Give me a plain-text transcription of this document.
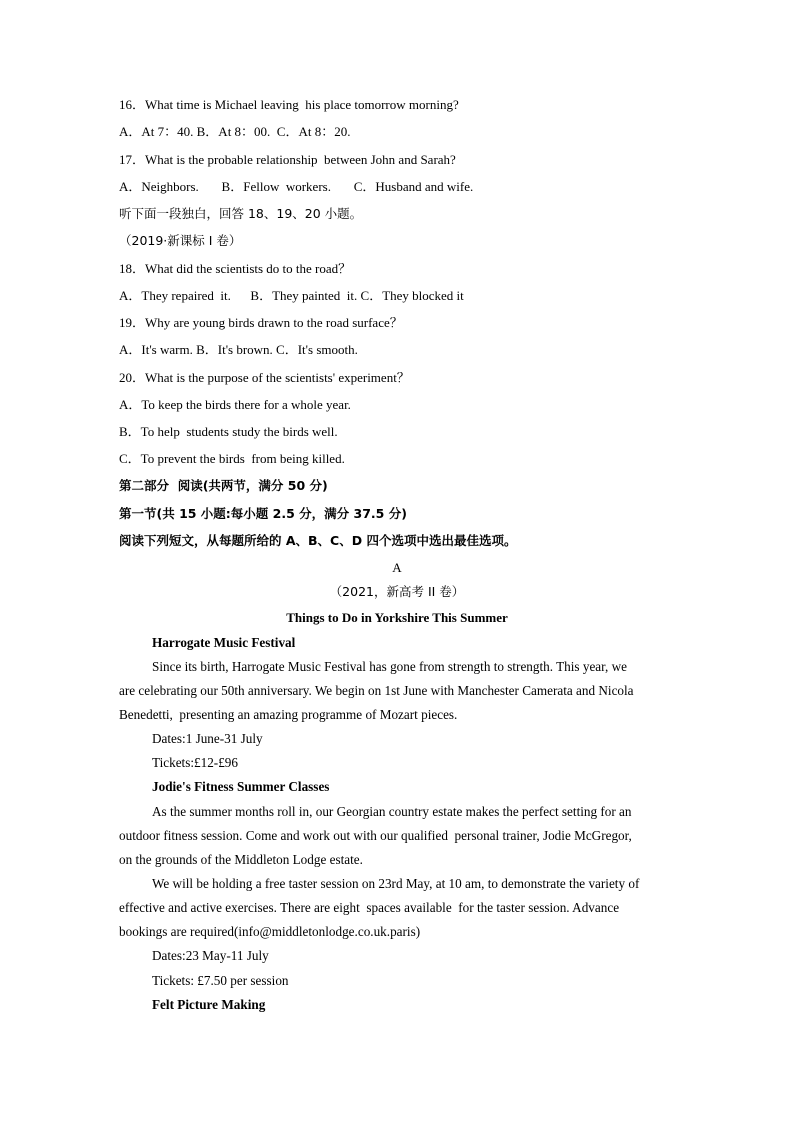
16．What time is Michael leaving  his place tomorrow morning?
A．At 7：40. B．At 8：00.  C．At 8：20.
17．What is the probable relationship  between John and Sarah?
A．Neighbors.       B．Fellow  workers.       C．Husband and wife.
听下面一段独白，回答 18、19、20 小题。
（2019·新课标 I 卷）
18．What did the scientists do to the road？
A．They repaired  it.      B．They painted  it. C．They blocked it
19．Why are young birds drawn to the road surface？
A．It's warm. B．It's brown. C．It's smooth.
20．What is the purpose of the scientists' experiment？
A．To keep the birds there for a whole year.
B．To help  students study the birds well.
C．To prevent the birds  from being killed.
第二部分  阅读(共两节，满分 50 分)
第一节(共 15 小题:每小题 2.5 分，满分 37.5 分)
阅读下列短文，从每题所给的 A、B、C、D 四个选项中选出最佳选项。
A
（2021，新高考 II 卷）
Things to Do in Yorkshire This Summer
Harrogate Music Festival
Since its birth, Harrogate Music Festival has gone from strength to strength. This year, we
are celebrating our 50th anniversary. We begin on 1st June with Manchester Camerata and Nicola
Benedetti,  presenting an amazing programme of Mozart pieces.
Dates:1 June-31 July
Tickets:£12-£96
Jodie's Fitness Summer Classes
As the summer months roll in, our Georgian country estate makes the perfect setting for an
outdoor fitness session. Come and work out with our qualified  personal trainer, Jodie McGregor,
on the grounds of the Middleton Lodge estate.
We will be holding a free taster session on 23rd May, at 10 am, to demonstrate the variety of
effective and active exercises. There are eight  spaces available  for the taster session. Advance
bookings are required(info@middletonlodge.co.uk.paris)
Dates:23 May-11 July
Tickets: £7.50 per session
Felt Picture Making
